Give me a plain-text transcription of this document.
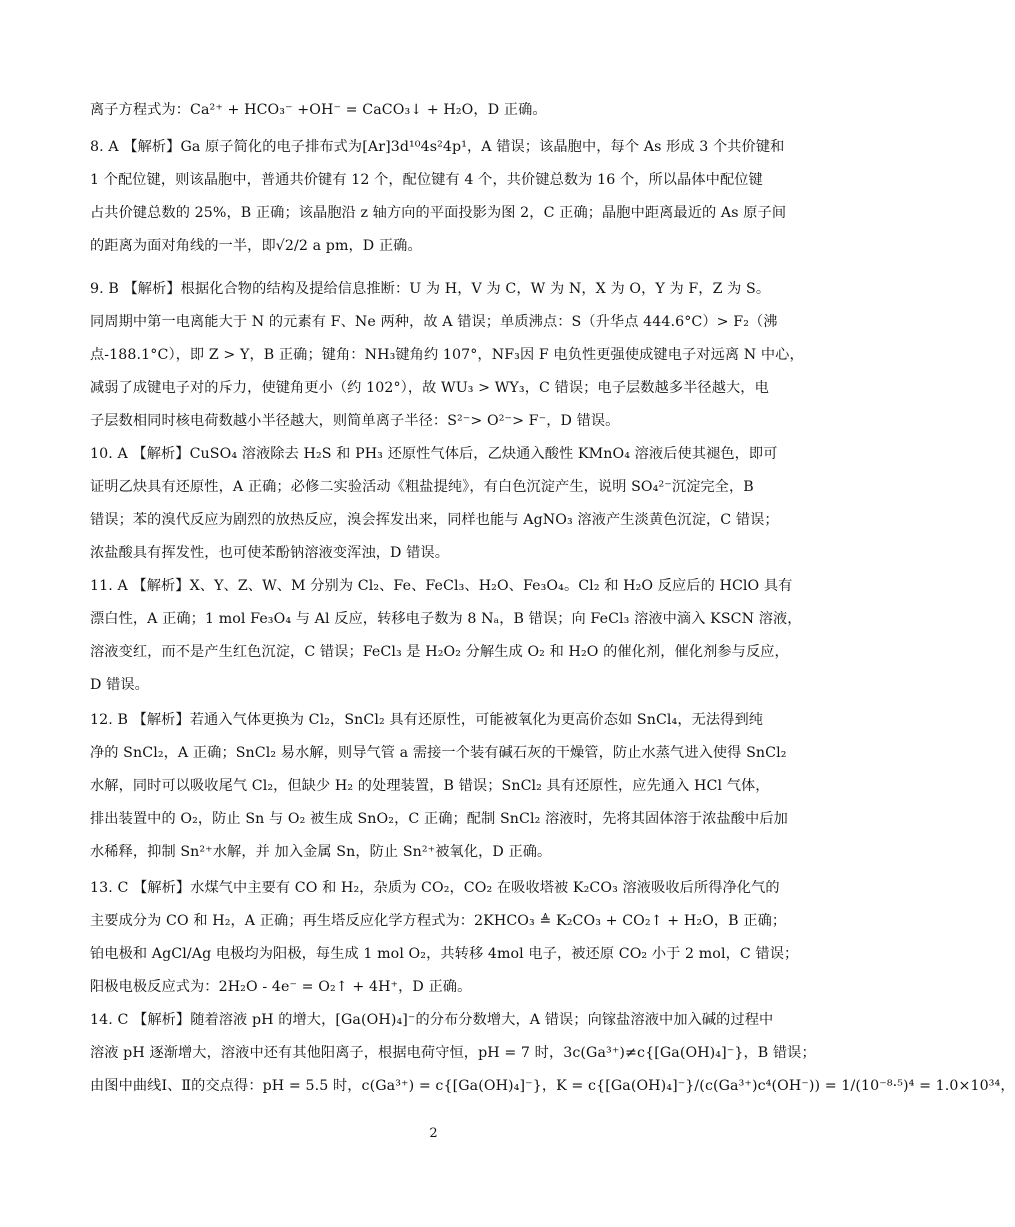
离子方程式为：Ca²⁺ + HCO₃⁻ +OH⁻ = CaCO₃↓ + H₂O，D 正确。
8. A 【解析】Ga 原子简化的电子排布式为[Ar]3d¹⁰4s²4p¹，A 错误；该晶胞中，每个 As 形成 3 个共价键和
1 个配位键，则该晶胞中，普通共价键有 12 个，配位键有 4 个，共价键总数为 16 个，所以晶体中配位键
占共价键总数的 25%，B 正确；该晶胞沿 z 轴方向的平面投影为图 2，C 正确；晶胞中距离最近的 As 原子间
的距离为面对角线的一半，即√2/2 a pm，D 正确。
9. B 【解析】根据化合物的结构及提给信息推断：U 为 H，V 为 C，W 为 N，X 为 O，Y 为 F，Z 为 S。
同周期中第一电离能大于 N 的元素有 F、Ne 两种，故 A 错误；单质沸点：S（升华点 444.6°C）> F₂（沸
点-188.1°C），即 Z > Y，B 正确；键角：NH₃键角约 107°，NF₃因 F 电负性更强使成键电子对远离 N 中心，
减弱了成键电子对的斥力，使键角更小（约 102°），故 WU₃ > WY₃，C 错误；电子层数越多半径越大，电
子层数相同时核电荷数越小半径越大，则简单离子半径：S²⁻> O²⁻> F⁻，D 错误。
10. A 【解析】CuSO₄ 溶液除去 H₂S 和 PH₃ 还原性气体后，乙炔通入酸性 KMnO₄ 溶液后使其褪色，即可
证明乙炔具有还原性，A 正确；必修二实验活动《粗盐提纯》，有白色沉淀产生，说明 SO₄²⁻沉淀完全，B
错误；苯的溴代反应为剧烈的放热反应，溴会挥发出来，同样也能与 AgNO₃ 溶液产生淡黄色沉淀，C 错误；
浓盐酸具有挥发性，也可使苯酚钠溶液变浑浊，D 错误。
11. A 【解析】X、Y、Z、W、M 分别为 Cl₂、Fe、FeCl₃、H₂O、Fe₃O₄。Cl₂ 和 H₂O 反应后的 HClO 具有
漂白性，A 正确；1 mol Fe₃O₄ 与 Al 反应，转移电子数为 8 Nₐ，B 错误；向 FeCl₃ 溶液中滴入 KSCN 溶液，
溶液变红，而不是产生红色沉淀，C 错误；FeCl₃ 是 H₂O₂ 分解生成 O₂ 和 H₂O 的催化剂，催化剂参与反应，
D 错误。
12. B 【解析】若通入气体更换为 Cl₂，SnCl₂ 具有还原性，可能被氧化为更高价态如 SnCl₄，无法得到纯
净的 SnCl₂，A 正确；SnCl₂ 易水解，则导气管 a 需接一个装有碱石灰的干燥管，防止水蒸气进入使得 SnCl₂
水解，同时可以吸收尾气 Cl₂，但缺少 H₂ 的处理装置，B 错误；SnCl₂ 具有还原性，应先通入 HCl 气体，
排出装置中的 O₂，防止 Sn 与 O₂ 被生成 SnO₂，C 正确；配制 SnCl₂ 溶液时，先将其固体溶于浓盐酸中后加
水稀释，抑制 Sn²⁺水解，并 加入金属 Sn，防止 Sn²⁺被氧化，D 正确。
13. C 【解析】水煤气中主要有 CO 和 H₂，杂质为 CO₂，CO₂ 在吸收塔被 K₂CO₃ 溶液吸收后所得净化气的
主要成分为 CO 和 H₂，A 正确；再生塔反应化学方程式为：2KHCO₃ ≜ K₂CO₃ + CO₂↑ + H₂O，B 正确；
铂电极和 AgCl/Ag 电极均为阳极，每生成 1 mol O₂，共转移 4mol 电子，被还原 CO₂ 小于 2 mol，C 错误；
阳极电极反应式为：2H₂O - 4e⁻ = O₂↑ + 4H⁺，D 正确。
14. C 【解析】随着溶液 pH 的增大，[Ga(OH)₄]⁻的分布分数增大，A 错误；向镓盐溶液中加入碱的过程中
溶液 pH 逐渐增大，溶液中还有其他阳离子，根据电荷守恒，pH = 7 时，3c(Ga³⁺)≠c{[Ga(OH)₄]⁻}，B 错误；
由图中曲线Ⅰ、Ⅱ的交点得：pH = 5.5 时，c(Ga³⁺) = c{[Ga(OH)₄]⁻}，K = c{[Ga(OH)₄]⁻}/(c(Ga³⁺)c⁴(OH⁻)) = 1/(10⁻⁸·⁵)⁴ = 1.0×10³⁴，
2
